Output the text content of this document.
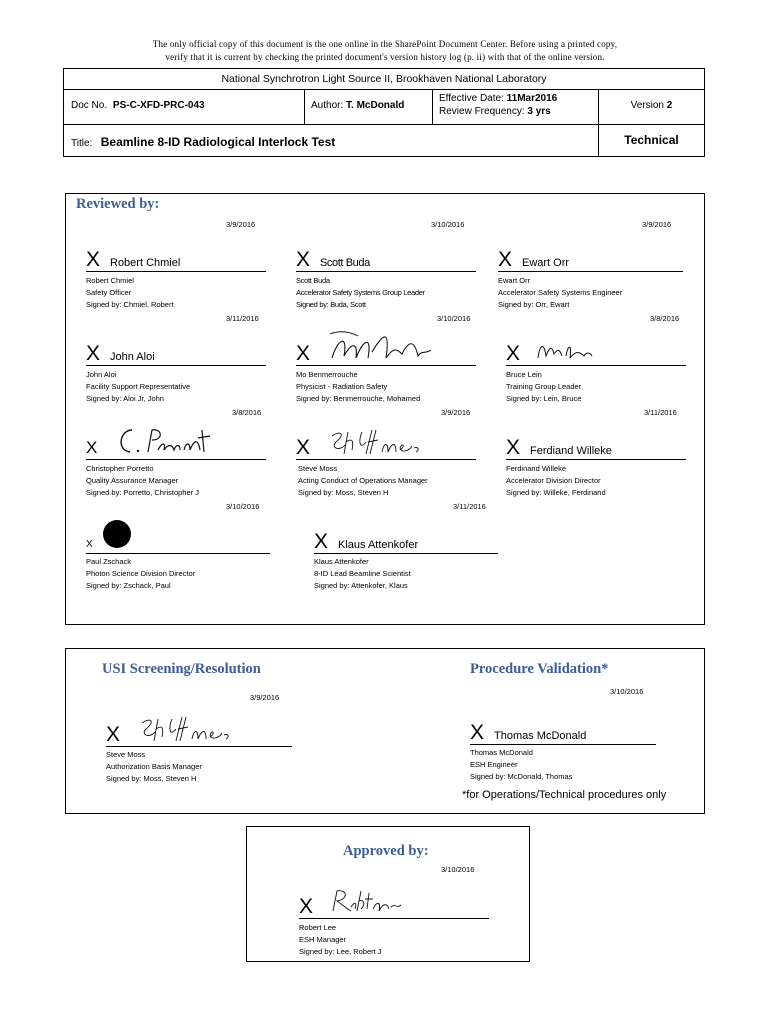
The only official copy of this document is the one online in the SharePoint Document Center. Before using a printed copy,
verify that it is current by checking the printed document's version history log (p. ii) with that of the online version.
National Synchrotron Light Source II, Brookhaven National Laboratory
Doc No. PS-C-XFD-PRC-043	Author: T. McDonald
Effective Date: 11Mar2016
Review Frequency: 3 yrs
Version 2
Title: Beamline 8-ID Radiological Interlock Test	Technical
Reviewed by:
3/9/2016	3/10/2016	3/9/2016
X Robert Chmiel	X Scott Buda	X Ewart Orr
Robert Chmiel
Safety Officer
Signed by: Chmiel, Robert
Scott Buda
Accelerator Safety Systems Group Leader
Signed by: Buda, Scott
Ewart Orr
Accelerator Safety Systems Engineer
Signed by: Orr, Ewart
3/11/2016	3/10/2016	3/8/2016
X John Aloi	X	X
John Aloi
Facility Support Representative
Signed by: Aloi Jr, John
Mo Benmerrouche
Physicist - Radiation Safety
Signed by: Benmerrouche, Mohamed
Bruce Lein
Training Group Leader
Signed by: Lein, Bruce
3/8/2016	3/9/2016	3/11/2016
X	X	X Ferdiand Willeke
Christopher Porretto
Quality Assurance Manager
Signed by: Porretto, Christopher J
Steve Moss
Acting Conduct of Operations Manager
Signed by: Moss, Steven H
Ferdinand Willeke
Accelerator Division Director
Signed by: Willeke, Ferdinand
3/10/2016	3/11/2016
X	X Klaus Attenkofer
Paul Zschack
Photon Science Division Director
Signed by: Zschack, Paul
Klaus Attenkofer
8-ID Lead Beamline Scientist
Signed by: Attenkofer, Klaus
USI Screening/Resolution	Procedure Validation*
3/9/2016
3/10/2016
X	X Thomas McDonald
Steve Moss
Authorization Basis Manager
Signed by: Moss, Steven H
Thomas McDonald
ESH Engineer
Signed by: McDonald, Thomas
*for Operations/Technical procedures only
Approved by:
3/10/2016
X
Robert Lee
ESH Manager
Signed by: Lee, Robert J
